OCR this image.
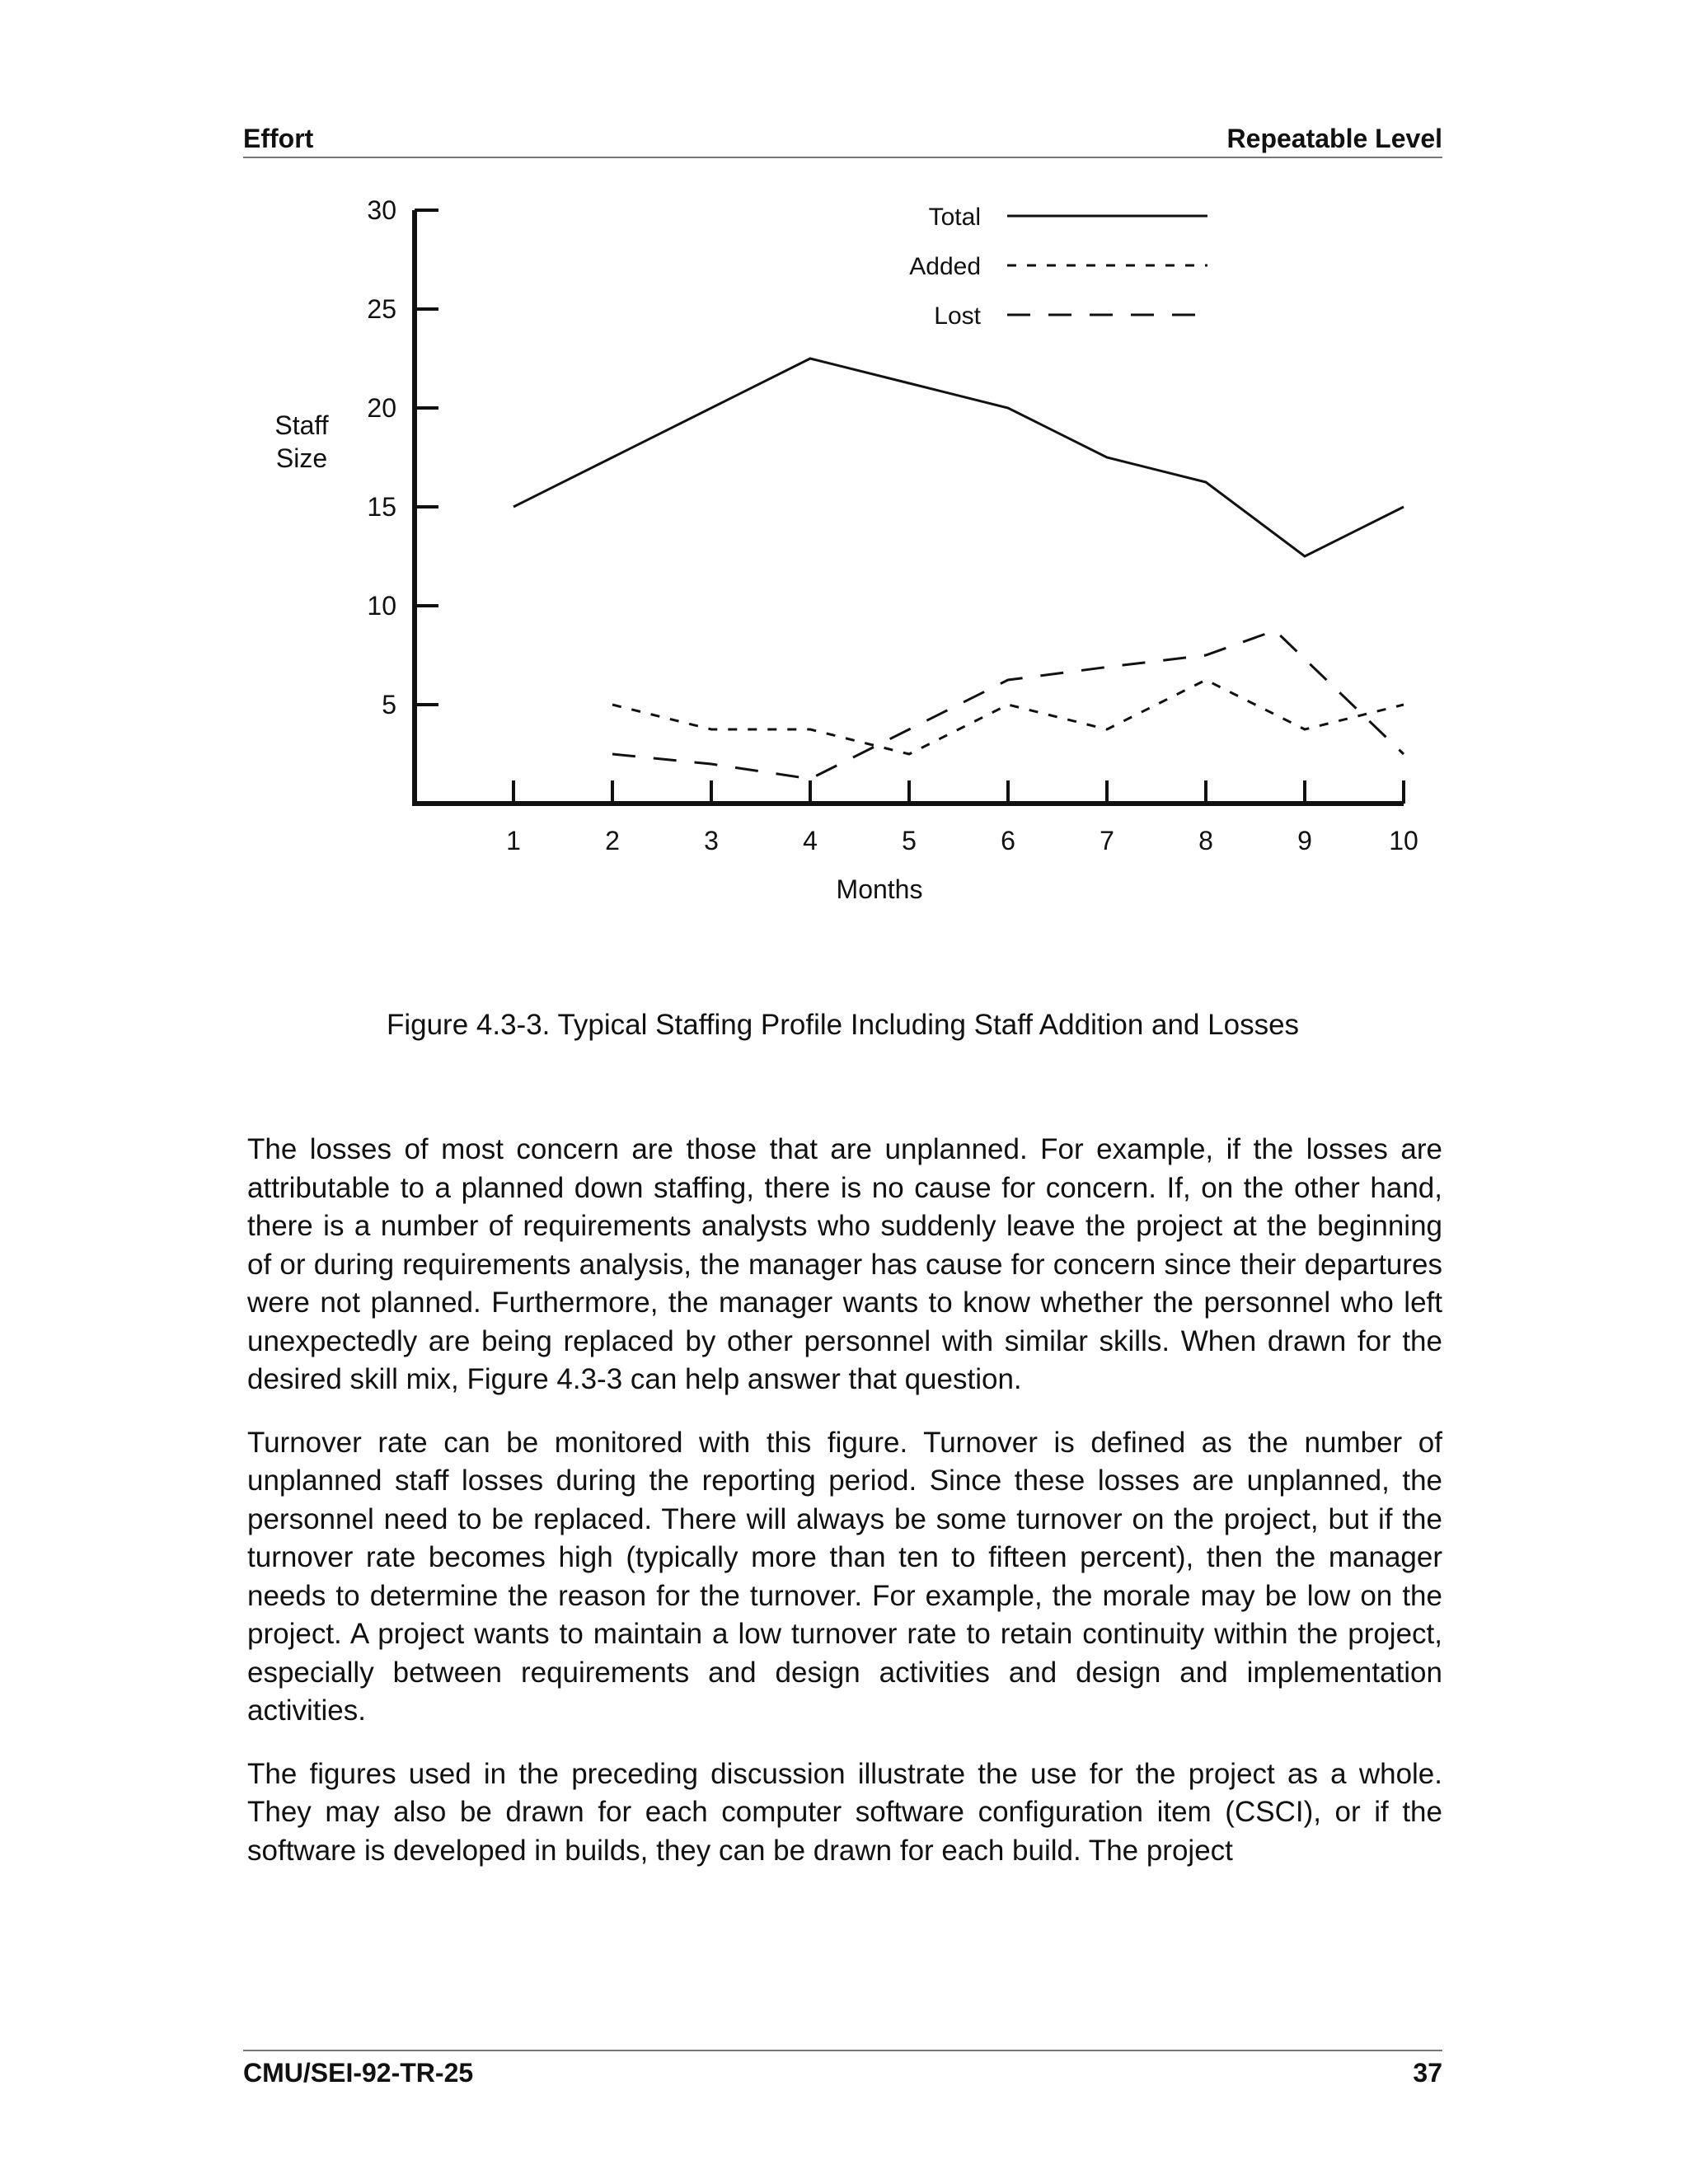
Effort	Repeatable Level
5
10
15
20
25
30
1	2	3	4	5	6	7	8	9	10
Staff Size
Months
Total
Added
Lost
Figure 4.3-3. Typical Staffing Profile Including Staff Addition and Losses

The losses of most concern are those that are unplanned. For example, if the losses are attributable to a planned down staffing, there is no cause for concern. If, on the other hand, there is a number of requirements analysts who suddenly leave the project at the beginning of or during requirements analysis, the manager has cause for concern since their departures were not planned. Furthermore, the manager wants to know whether the personnel who left unexpectedly are being replaced by other personnel with similar skills. When drawn for the desired skill mix, Figure 4.3-3 can help answer that question.

Turnover rate can be monitored with this figure. Turnover is defined as the number of unplanned staff losses during the reporting period. Since these losses are unplanned, the personnel need to be replaced. There will always be some turnover on the project, but if the turnover rate becomes high (typically more than ten to fifteen percent), then the manager needs to determine the reason for the turnover. For example, the morale may be low on the project. A project wants to maintain a low turnover rate to retain continuity within the project, especially between requirements and design activities and design and implementation activities.

The figures used in the preceding discussion illustrate the use for the project as a whole. They may also be drawn for each computer software configuration item (CSCI), or if the software is developed in builds, they can be drawn for each build. The project

CMU/SEI-92-TR-25	37
